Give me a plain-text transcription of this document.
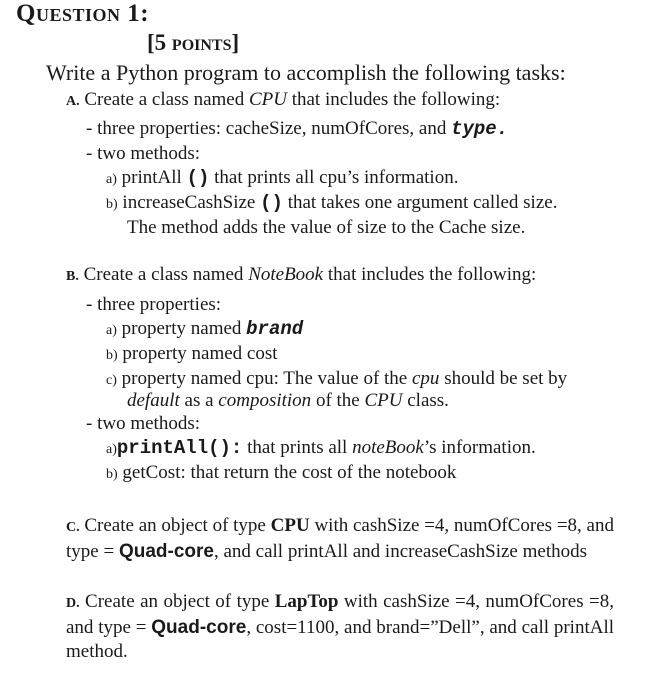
Question 1:
[5 points]
Write a Python program to accomplish the following tasks:
A. Create a class named CPU that includes the following:
- three properties: cacheSize, numOfCores, and type.
- two methods:
a) printAll () that prints all cpu’s information.
b) increaseCashSize () that takes one argument called size.
The method adds the value of size to the Cache size.
B. Create a class named NoteBook that includes the following:
- three properties:
a) property named brand
b) property named cost
c) property named cpu: The value of the cpu should be set by
default as a composition of the CPU class.
- two methods:
a)printAll(): that prints all noteBook’s information.
b) getCost: that return the cost of the notebook
C. Create an object of type CPU with cashSize =4, numOfCores =8, and type = Quad-core, and call printAll and increaseCashSize methods
D. Create an object of type LapTop with cashSize =4, numOfCores =8, and type = Quad-core, cost=1100, and brand=”Dell”, and call printAll method.
